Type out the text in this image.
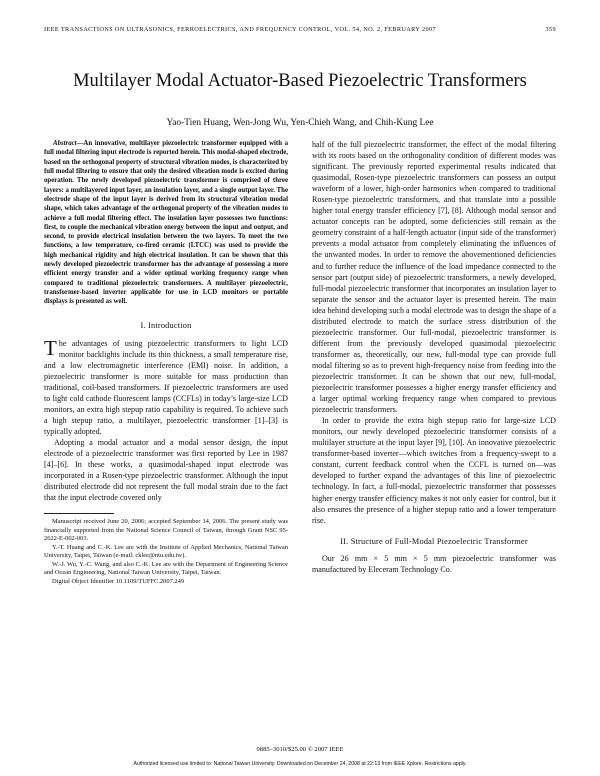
IEEE TRANSACTIONS ON ULTRASONICS, FERROELECTRICS, AND FREQUENCY CONTROL, VOL. 54, NO. 2, FEBRUARY 2007	359
Multilayer Modal Actuator-Based Piezoelectric Transformers
Yao-Tien Huang, Wen-Jong Wu, Yen-Chieh Wang, and Chih-Kung Lee
Abstract—An innovative, multilayer piezoelectric transformer equipped with a full modal filtering input electrode is reported herein. This modal-shaped electrode, based on the orthogonal property of structural vibration modes, is characterized by full modal filtering to ensure that only the desired vibration mode is excited during operation. The newly developed piezoelectric transformer is comprised of three layers: a multilayered input layer, an insulation layer, and a single output layer. The electrode shape of the input layer is derived from its structural vibration modal shape, which takes advantage of the orthogonal property of the vibration modes to achieve a full modal filtering effect. The insulation layer possesses two functions: first, to couple the mechanical vibration energy between the input and output, and second, to provide electrical insulation between the two layers. To meet the two functions, a low temperature, co-fired ceramic (LTCC) was used to provide the high mechanical rigidity and high electrical insulation. It can be shown that this newly developed piezoelectric transformer has the advantage of possessing a more efficient energy transfer and a wider optimal working frequency range when compared to traditional piezoelectric transformers. A multilayer piezoelectric, transformer-based inverter applicable for use in LCD monitors or portable displays is presented as well.
I. Introduction

The advantages of using piezoelectric transformers to light LCD monitor backlights include its thin thickness, a small temperature rise, and a low electromagnetic interference (EMI) noise. In addition, a piezoelectric transformer is more suitable for mass production than traditional, coil-based transformers. If piezoelectric transformers are used to light cold cathode fluorescent lamps (CCFLs) in today’s large-size LCD monitors, an extra high stepup ratio capability is required. To achieve such a high stepup ratio, a multilayer, piezoelectric transformer [1]–[3] is typically adopted.

Adopting a modal actuator and a modal sensor design, the input electrode of a piezoelectric transformer was first reported by Lee in 1987 [4]–[6]. In these works, a quasimodal-shaped input electrode was incorporated in a Rosen-type piezoelectric transformer. Although the input distributed electrode did not represent the full modal strain due to the fact that the input electrode covered only

Manuscript received June 20, 2006; accepted September 14, 2006. The present study was financially supported from the National Science Council of Taiwan, through Grant NSC 95-2622-E-002-003.
Y.-T. Huang and C.-K. Lee are with the Institute of Applied Mechanics, National Taiwan University, Taipei, Taiwan (e-mail: cklee@ntu.edu.tw).
W.-J. Wu, Y.-C. Wang, and also C.-K. Lee are with the Department of Engineering Science and Ocean Engineering, National Taiwan University, Taipei, Taiwan.
Digital Object Identifier 10.1109/TUFFC.2007.249

half of the full piezoelectric transformer, the effect of the modal filtering with its roots based on the orthogonality condition of different modes was significant. The previously reported experimental results indicated that quasimodal, Rosen-type piezoelectric transformers can possess an output waveform of a lower, high-order harmonics when compared to traditional Rosen-type piezoelectric transformers, and that translate into a possible higher total energy transfer efficiency [7], [8]. Although modal sensor and actuator concepts can be adopted, some deficiencies still remain as the geometry constraint of a half-length actuator (input side of the transformer) prevents a modal actuator from completely eliminating the influences of the unwanted modes. In order to remove the abovementioned deficiencies and to further reduce the influence of the load impedance connected to the sensor part (output side) of piezoelectric transformers, a newly developed, full-modal piezoelectric transformer that incorporates an insulation layer to separate the sensor and the actuator layer is presented herein. The main idea behind developing such a modal electrode was to design the shape of a distributed electrode to match the surface stress distribution of the piezoelectric transformer. Our full-modal, piezoelectric transformer is different from the previously developed quasimodal piezoelectric transformer as, theoretically, our new, full-modal type can provide full modal filtering so as to prevent high-frequency noise from feeding into the piezoelectric transformer. It can be shown that our new, full-modal, piezoelectric transformer possesses a higher energy transfer efficiency and a larger optimal working frequency range when compared to previous piezoelectric transformers.

In order to provide the extra high stepup ratio for large-size LCD monitors, our newly developed piezoelectric transformer consists of a multilayer structure at the input layer [9], [10]. An innovative piezoelectric transformer-based inverter—which switches from a frequency-swept to a constant, current feedback control when the CCFL is turned on—was developed to further expand the advantages of this line of piezoelectric technology. In fact, a full-modal, piezoelectric transformer that possesses higher energy transfer efficiency makes it not only easier for control, but it also ensures the presence of a higher stepup ratio and a lower temperature rise.

II. Structure of Full-Modal Piezoelectric Transformer

Our 26 mm × 5 mm × 5 mm piezoelectric transformer was manufactured by Eleceram Technology Co.

0885–3010/$25.00 © 2007 IEEE
Authorized licensed use limited to: National Taiwan University. Downloaded on December 24, 2008 at 22:13 from IEEE Xplore. Restrictions apply.
